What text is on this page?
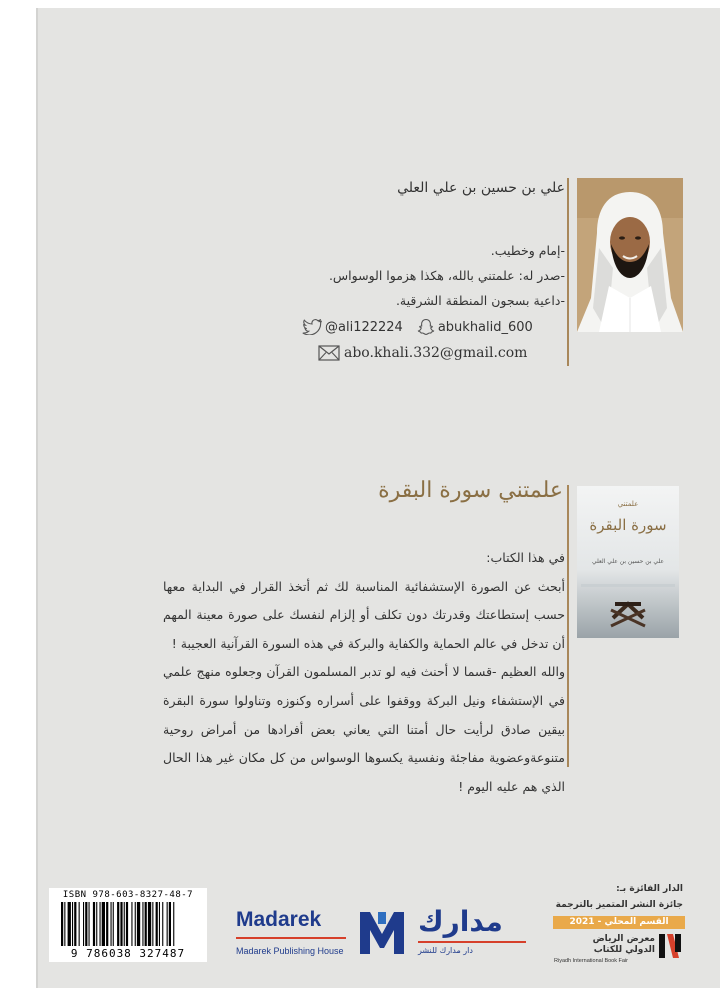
علي بن حسين بن علي العلي
-إمام وخطيب.
-صدر له: علمتني بالله، هكذا هزموا الوسواس.
-داعية بسجون المنطقة الشرقية.
@ali122224	abukhalid_600
abo.khali.332@gmail.com
علمتني
سورة البقرة
علي بن حسين بن علي العلي
علمتني سورة البقرة

في هذا الكتاب:

أبحث عن الصورة الإستشفائية المناسبة لك ثم أتخذ القرار في البداية معها حسب إستطاعتك وقدرتك دون تكلف أو إلزام لنفسك على صورة معينة المهم أن تدخل في عالم الحماية والكفاية والبركة في هذه السورة القرآنية العجيبة !

والله العظيم -قسما لا أحنث فيه لو تدبر المسلمون القرآن وجعلوه منهج علمي في الإستشفاء ونيل البركة ووقفوا على أسراره وكنوزه وتناولوا سورة البقرة بيقين صادق لرأيت حال أمتنا التي يعاني بعض أفرادها من أمراض روحية متنوعةوعضوية مفاجئة ونفسية يكسوها الوسواس من كل مكان غير هذا الحال الذي هم عليه اليوم !

ISBN 978-603-8327-48-7
9 786038 327487
Madarek
Madarek Publishing House
مدارك
دار مدارك للنشر
الدار الفائزة بـ:
جائزة النشر المتميز بالترجمة
القسم المحلي - 2021
معرض الرياض
الدولي للكتاب
Riyadh International Book Fair
